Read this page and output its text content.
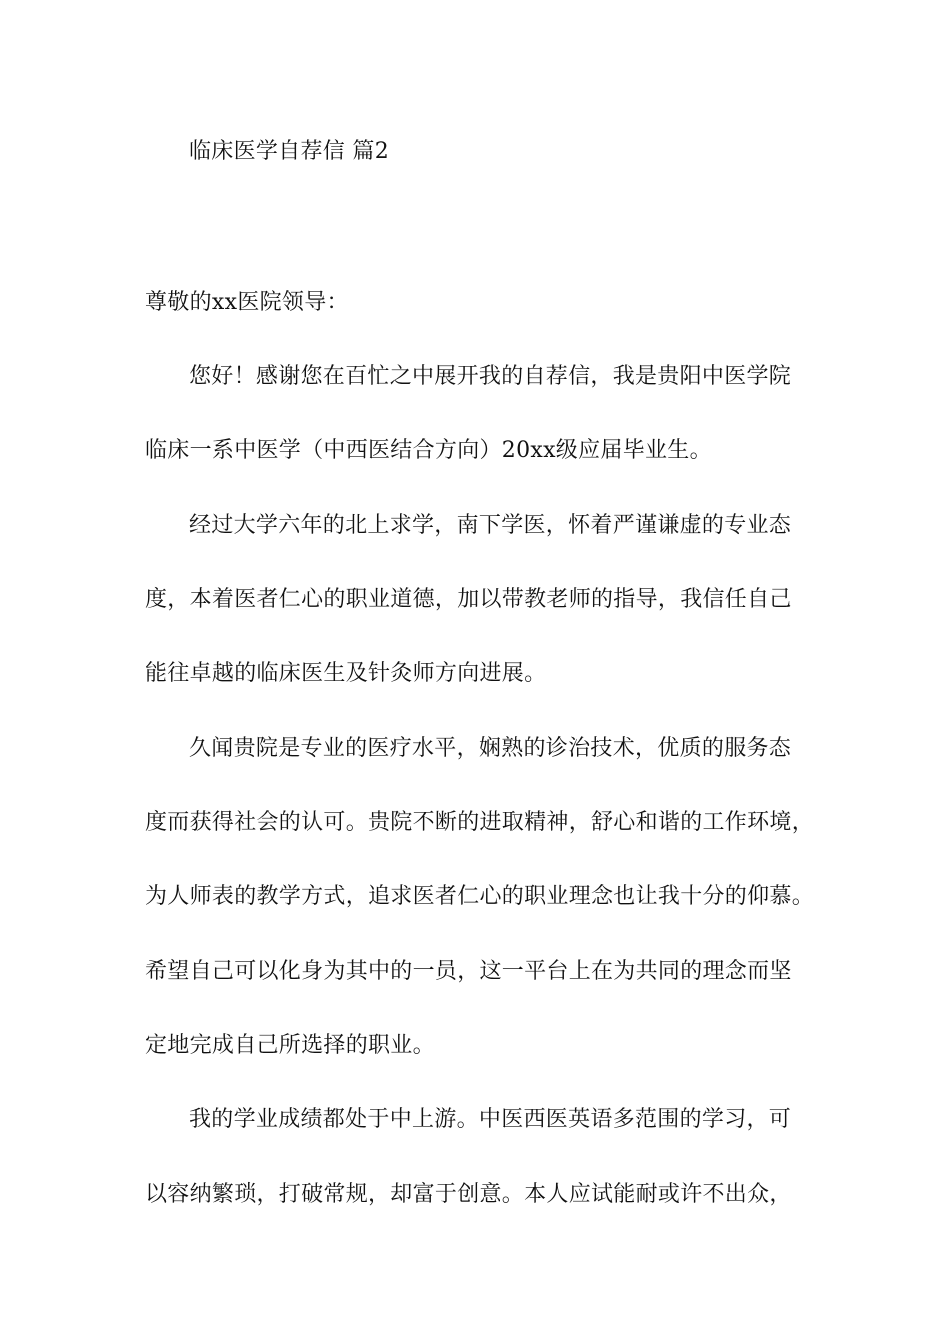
临床医学自荐信 篇2
尊敬的xx医院领导：
您好！感谢您在百忙之中展开我的自荐信，我是贵阳中医学院
临床一系中医学（中西医结合方向）20xx级应届毕业生。
经过大学六年的北上求学，南下学医，怀着严谨谦虚的专业态
度，本着医者仁心的职业道德，加以带教老师的指导，我信任自己
能往卓越的临床医生及针灸师方向进展。
久闻贵院是专业的医疗水平，娴熟的诊治技术，优质的服务态
度而获得社会的认可。贵院不断的进取精神，舒心和谐的工作环境，
为人师表的教学方式，追求医者仁心的职业理念也让我十分的仰慕。
希望自己可以化身为其中的一员，这一平台上在为共同的理念而坚
定地完成自己所选择的职业。
我的学业成绩都处于中上游。中医西医英语多范围的学习，可
以容纳繁琐，打破常规，却富于创意。本人应试能耐或许不出众，
